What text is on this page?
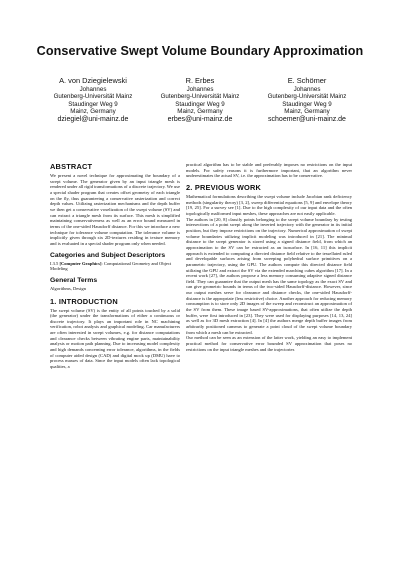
Conservative Swept Volume Boundary Approximation
A. von Dziegielewski
Johannes
Gutenberg-Universität Mainz
Staudinger Weg 9
Mainz, Germany
dziegiel@uni-mainz.de
R. Erbes
Johannes
Gutenberg-Universität Mainz
Staudinger Weg 9
Mainz, Germany
erbes@uni-mainz.de
E. Schömer
Johannes
Gutenberg-Universität Mainz
Staudinger Weg 9
Mainz, Germany
schoemer@uni-mainz.de
ABSTRACT

We present a novel technique for approximating the boundary of a swept volume. The generator given by an input triangle mesh is rendered under all rigid transformations of a discrete trajectory. We use a special shader program that creates offset geometry of each triangle on the fly, thus guaranteeing a conservative rasterization and correct depth values. Utilizing rasterization mechanisms and the depth buffer we then get a conservative voxelization of the swept volume (SV) and can extract a triangle mesh from its surface. This mesh is simplified maintaining conservativeness as well as an error bound measured in terms of the one-sided Hausdorff distance. For this we introduce a new technique for tolerance volume computation. The tolerance volume is implicitly given through six 2D-textures residing in texture memory and is evaluated in a special shader program only when needed.

Categories and Subject Descriptors
I.3.5 [Computer Graphics]: Computational Geometry and Object Modeling
General Terms

Algorithms, Design

1. INTRODUCTION

The swept volume (SV) is the entity of all points touched by a solid (the generator) under the transformations of either a continuous or discrete trajectory. It plays an important role in NC machining verification, robot analysis and graphical modeling. Car manufacturers are often interested in swept volumes, e.g. for distance computations and clearance checks between vibrating engine parts, maintainability analysis or motion path planning. Due to increasing model complexity and high demands concerning error tolerance, algorithms, in the fields of computer aided design (CAD) and digital mock up (DMU) have to process masses of data. Since the input models often lack topological qualities, a

practical algorithm has to be stable and preferably imposes no restrictions on the input models. For safety reasons it is furthermore important, that an algorithm never underestimates the actual SV, i.e. the approximation has to be conservative.

2. PREVIOUS WORK

Mathematical formulations describing the swept volume include Jacobian rank deficiency methods (singularity theory) [3, 2], sweep differential equations [5, 9] and envelope theory [19, 25]. For a survey see [1]. Due to the high complexity of our input data and the often topologically malformed input meshes, these approaches are not easily applicable.

The authors in [20, 8] classify points belonging to the swept volume boundary by testing intersections of a point swept along the inverted trajectory with the generator in its initial position, but they impose restrictions on the trajectory. Numerical approximation of swept volume boundaries utilizing implicit modeling was introduced in [21]. The minimal distance to the swept generator is stored using a signed distance field, from which an approximation to the SV can be extracted as an isosurface. In [16, 11] this implicit approach is extended to computing a directed distance field relative to the tessellated ruled and developable surfaces arising from sweeping polyhedral surface primitives on a parametric trajectory, using the GPU. The authors compute this directed distance field utilizing the GPU and extract the SV via the extended marching cubes algorithm [17]. In a recent work [27], the authors propose a less memory consuming adaptive signed distance field. They can guarantee that the output mesh has the same topology as the exact SV and can give geometric bounds in terms of the two-sided Hausdorff-distance. However, since our output meshes serve for clearance and distance checks, the one-sided Hausdorff-distance is the appropriate (less restrictive) choice. Another approach for reducing memory consumption is to store only 2D images of the sweep and reconstruct an approximation of the SV from them. These image based SV-approximations, that often utilize the depth buffer, were first introduced in [23]. They were used for displaying purposes [14, 13, 24] as well as for 3D mesh extraction [4]. In [4] the authors merge depth buffer images from arbitrarily positioned cameras to generate a point cloud of the swept volume boundary from which a mesh can be extracted.

Our method can be seen as an extension of the latter work, yielding an easy to implement practical method for conservative error bounded SV approximation that poses no restrictions on the input triangle meshes and the trajectories
